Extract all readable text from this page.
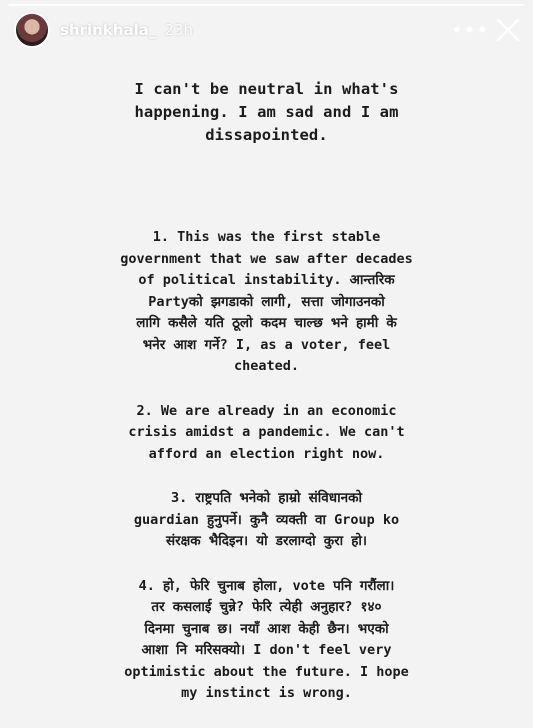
shrinkhala_ 23h	•••
I can't be neutral in what's
happening. I am sad and I am
dissapointed.
1. This was the first stable
government that we saw after decades
of political instability. आन्तरिक
Partyको झगडाको लागी, सत्ता जोगाउनको
लागि कसैले यति ठूलो कदम चाल्छ भने हामी के
भनेर आश गर्ने? I, as a voter, feel
cheated.
2. We are already in an economic
crisis amidst a pandemic. We can't
afford an election right now.
3. राष्ट्रपति भनेको हाम्रो संविधानको
guardian हुनुपर्ने। कुनै व्यक्ती वा Group ko
संरक्षक भैदिइन। यो डरलाग्दो कुरा हो।
4. हो, फेरि चुनाब होला, vote पनि गरौंला।
तर कसलाई चुन्ने? फेरि त्येही अनुहार? १४०
दिनमा चुनाब छ। नयाँ आश केही छैन। भएको
आशा नि मरिसक्यो। I don't feel very
optimistic about the future. I hope
my instinct is wrong.
